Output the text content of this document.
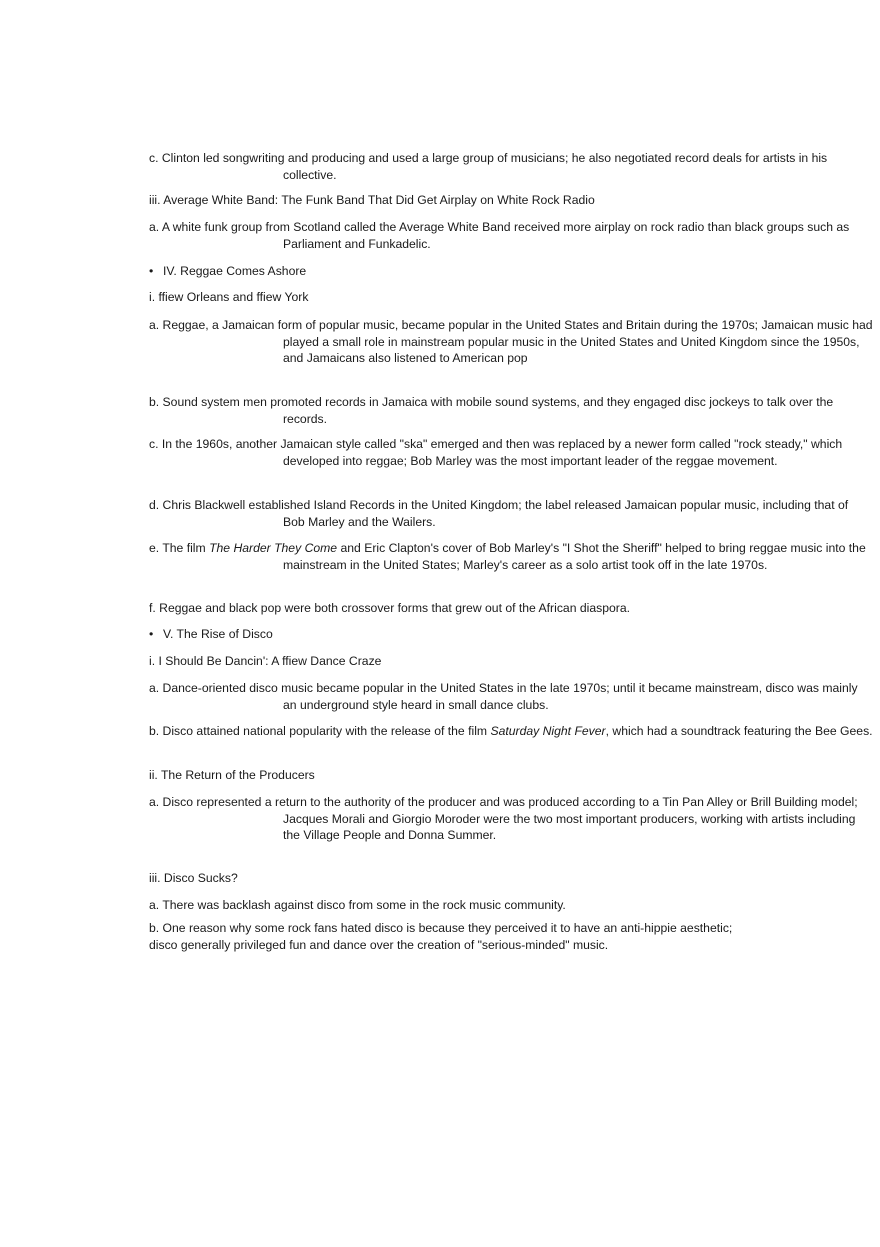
c. Clinton led songwriting and producing and used a large group of musicians; he also negotiated record deals for artists in his collective.
iii. Average White Band: The Funk Band That Did Get Airplay on White Rock Radio
a. A white funk group from Scotland called the Average White Band received more airplay on rock radio than black groups such as Parliament and Funkadelic.
• IV. Reggae Comes Ashore
i. ffiew Orleans and ffiew York
a. Reggae, a Jamaican form of popular music, became popular in the United States and Britain during the 1970s; Jamaican music had played a small role in mainstream popular music in the United States and United Kingdom since the 1950s, and Jamaicans also listened to American pop
b. Sound system men promoted records in Jamaica with mobile sound systems, and they engaged disc jockeys to talk over the records.
c. In the 1960s, another Jamaican style called "ska" emerged and then was replaced by a newer form called "rock steady," which developed into reggae; Bob Marley was the most important leader of the reggae movement.
d. Chris Blackwell established Island Records in the United Kingdom; the label released Jamaican popular music, including that of Bob Marley and the Wailers.
e. The film The Harder They Come and Eric Clapton's cover of Bob Marley's "I Shot the Sheriff" helped to bring reggae music into the mainstream in the United States; Marley's career as a solo artist took off in the late 1970s.
f. Reggae and black pop were both crossover forms that grew out of the African diaspora.
• V. The Rise of Disco
i. I Should Be Dancin': A ffiew Dance Craze
a. Dance-oriented disco music became popular in the United States in the late 1970s; until it became mainstream, disco was mainly an underground style heard in small dance clubs.
b. Disco attained national popularity with the release of the film Saturday Night Fever, which had a soundtrack featuring the Bee Gees.
ii. The Return of the Producers
a. Disco represented a return to the authority of the producer and was produced according to a Tin Pan Alley or Brill Building model; Jacques Morali and Giorgio Moroder were the two most important producers, working with artists including the Village People and Donna Summer.
iii. Disco Sucks?
a. There was backlash against disco from some in the rock music community.
b. One reason why some rock fans hated disco is because they perceived it to have an anti-hippie aesthetic; disco generally privileged fun and dance over the creation of "serious-minded" music.
